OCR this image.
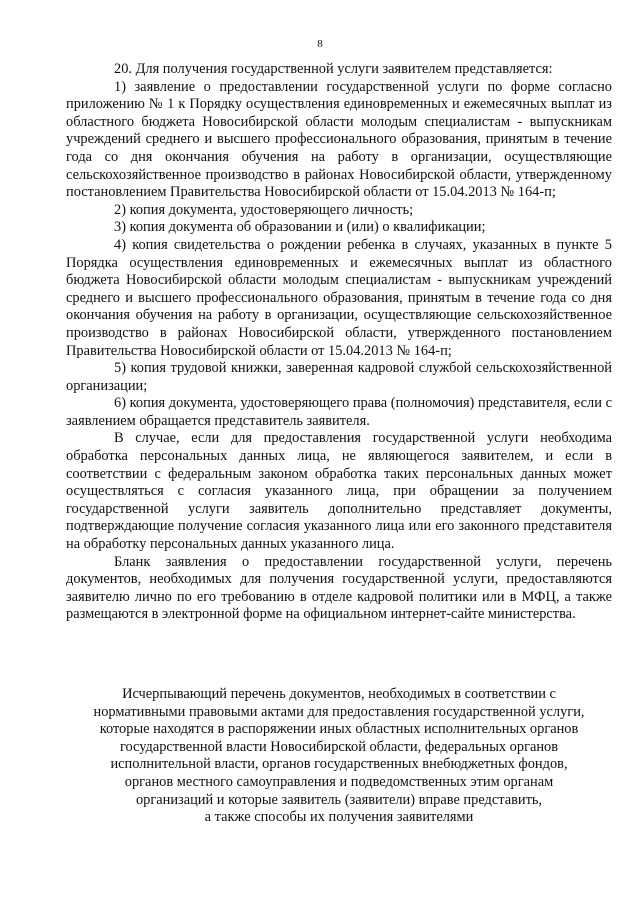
8

20. Для получения государственной услуги заявителем представляется:

1) заявление о предоставлении государственной услуги по форме согласно приложению № 1 к Порядку осуществления единовременных и ежемесячных выплат из областного бюджета Новосибирской области молодым специалистам - выпускникам учреждений среднего и высшего профессионального образования, принятым в течение года со дня окончания обучения на работу в организации, осуществляющие сельскохозяйственное производство в районах Новосибирской области, утвержденному постановлением Правительства Новосибирской области от 15.04.2013 № 164-п;

2) копия документа, удостоверяющего личность;

3) копия документа об образовании и (или) о квалификации;

4) копия свидетельства о рождении ребенка в случаях, указанных в пункте 5 Порядка осуществления единовременных и ежемесячных выплат из областного бюджета Новосибирской области молодым специалистам - выпускникам учреждений среднего и высшего профессионального образования, принятым в течение года со дня окончания обучения на работу в организации, осуществляющие сельскохозяйственное производство в районах Новосибирской области, утвержденного постановлением Правительства Новосибирской области от 15.04.2013 № 164-п;

5) копия трудовой книжки, заверенная кадровой службой сельскохозяйственной организации;

6) копия документа, удостоверяющего права (полномочия) представителя, если с заявлением обращается представитель заявителя.

В случае, если для предоставления государственной услуги необходима обработка персональных данных лица, не являющегося заявителем, и если в соответствии с федеральным законом обработка таких персональных данных может осуществляться с согласия указанного лица, при обращении за получением государственной услуги заявитель дополнительно представляет документы, подтверждающие получение согласия указанного лица или его законного представителя на обработку персональных данных указанного лица.

Бланк заявления о предоставлении государственной услуги, перечень документов, необходимых для получения государственной услуги, предоставляются заявителю лично по его требованию в отделе кадровой политики или в МФЦ, а также размещаются в электронной форме на официальном интернет-сайте министерства.

Исчерпывающий перечень документов, необходимых в соответствии с
нормативными правовыми актами для предоставления государственной услуги,
которые находятся в распоряжении иных областных исполнительных органов
государственной власти Новосибирской области, федеральных органов
исполнительной власти, органов государственных внебюджетных фондов,
органов местного самоуправления и подведомственных этим органам
организаций и которые заявитель (заявители) вправе представить,
а также способы их получения заявителями
